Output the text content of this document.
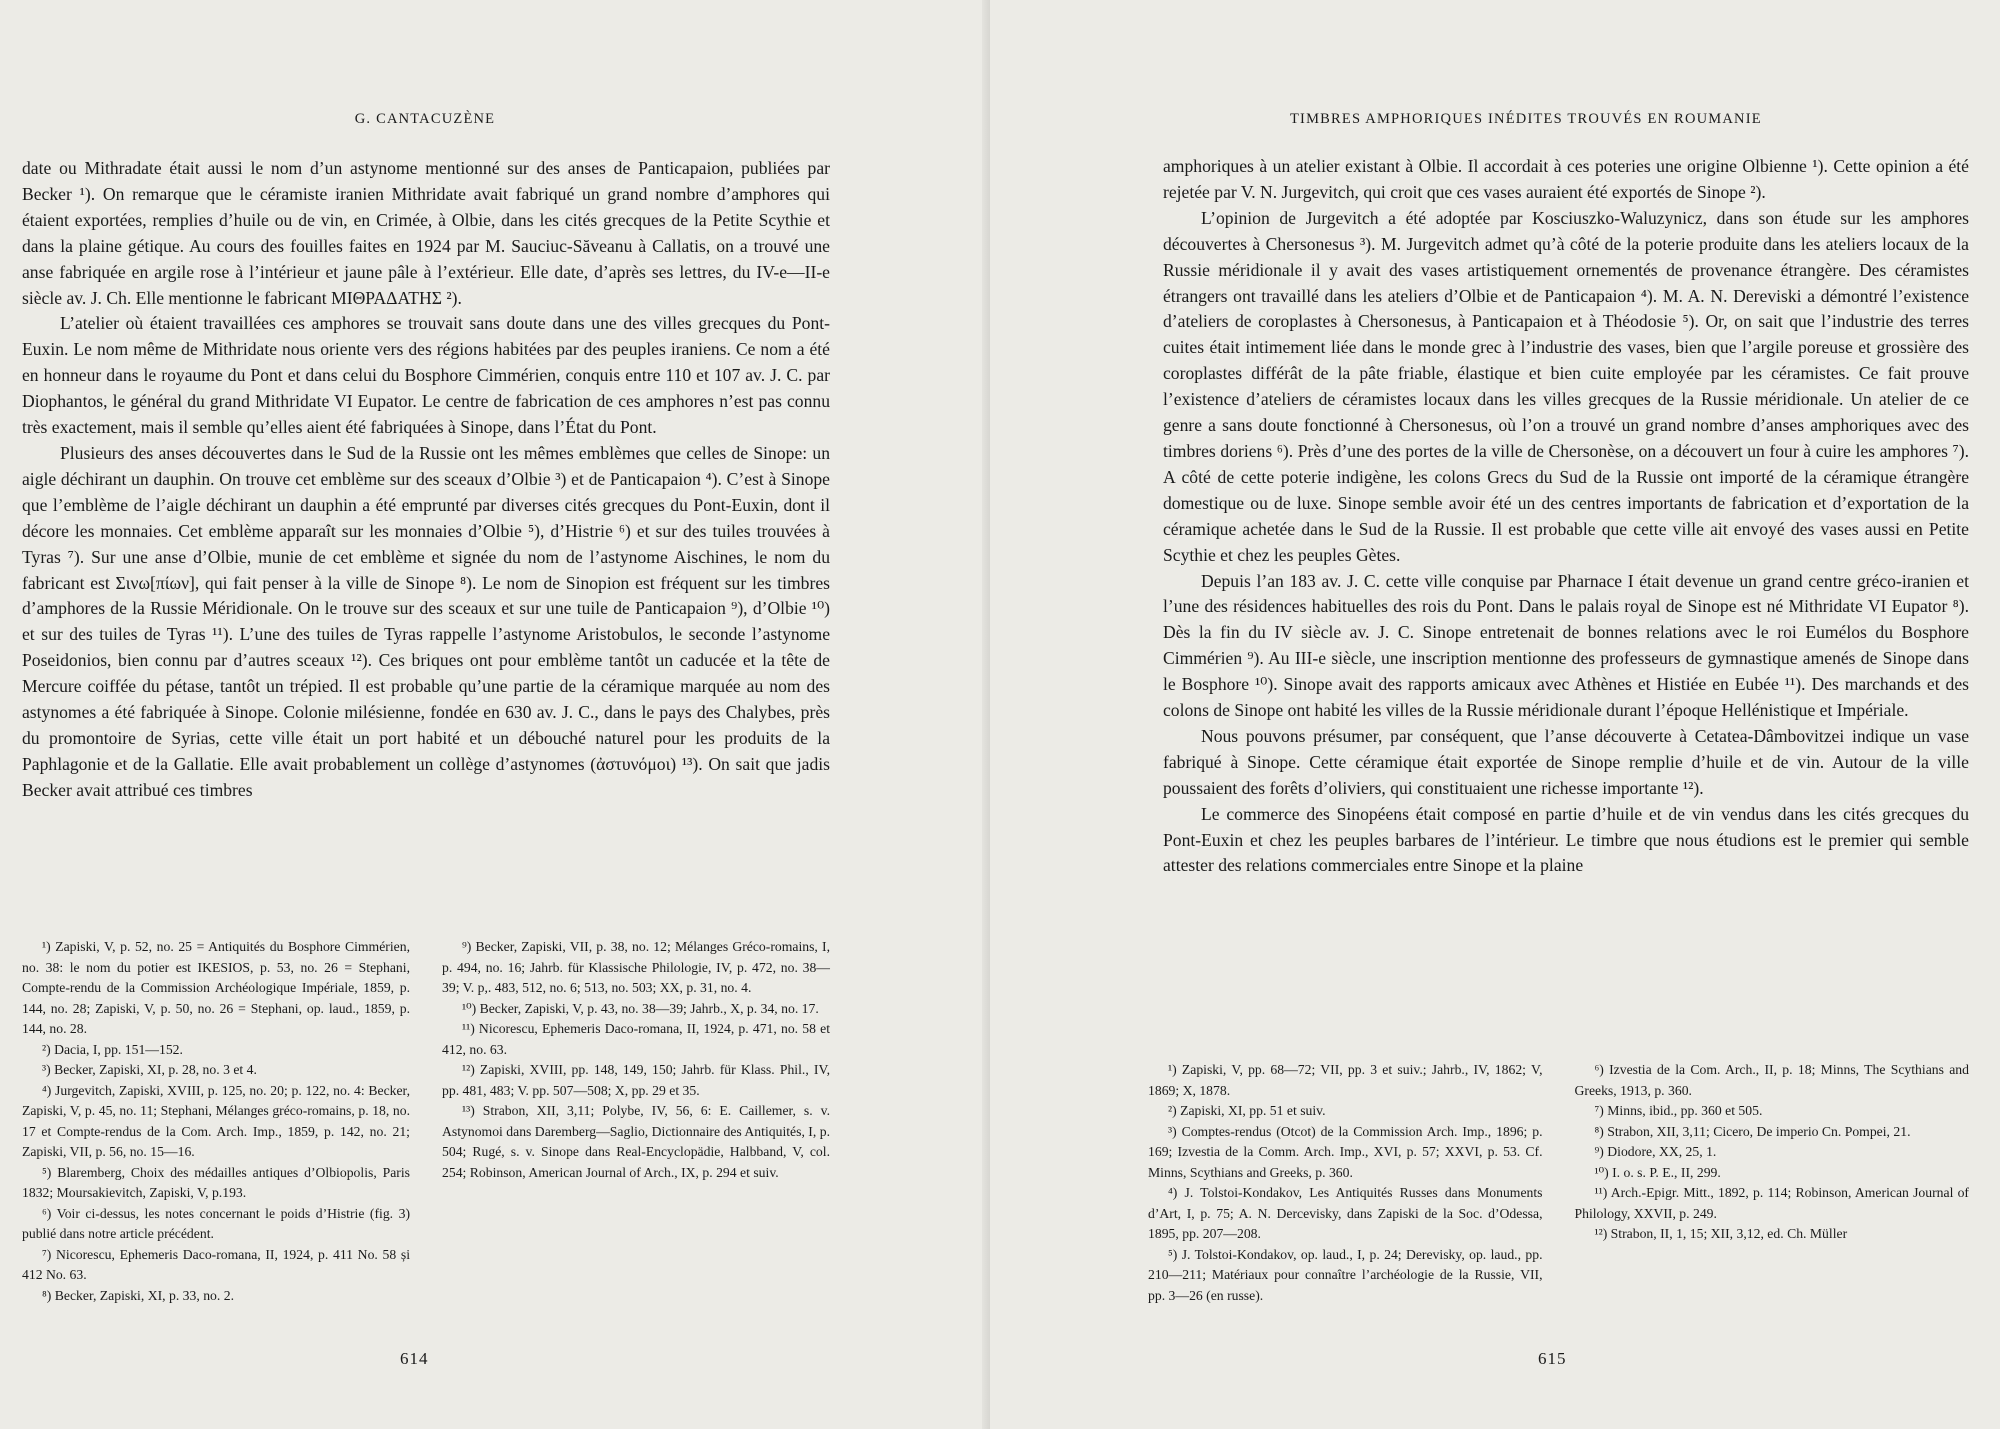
G. CANTACUZÈNE

date ou Mithradate était aussi le nom d’un astynome mentionné sur des anses de Panticapaion, publiées par Becker ¹). On remarque que le céramiste iranien Mithridate avait fabriqué un grand nombre d’amphores qui étaient exportées, remplies d’huile ou de vin, en Crimée, à Olbie, dans les cités grecques de la Petite Scythie et dans la plaine gétique. Au cours des fouilles faites en 1924 par M. Sauciuc-Săveanu à Callatis, on a trouvé une anse fabriquée en argile rose à l’intérieur et jaune pâle à l’extérieur. Elle date, d’après ses lettres, du IV-e—II-e siècle av. J. Ch. Elle mentionne le fabricant ΜΙΘΡΑΔΑΤΗΣ ²).

L’atelier où étaient travaillées ces amphores se trouvait sans doute dans une des villes grecques du Pont-Euxin. Le nom même de Mithridate nous oriente vers des régions habitées par des peuples iraniens. Ce nom a été en honneur dans le royaume du Pont et dans celui du Bosphore Cimmérien, conquis entre 110 et 107 av. J. C. par Diophantos, le général du grand Mithridate VI Eupator. Le centre de fabrication de ces amphores n’est pas connu très exactement, mais il semble qu’elles aient été fabriquées à Sinope, dans l’État du Pont.

Plusieurs des anses découvertes dans le Sud de la Russie ont les mêmes emblèmes que celles de Sinope: un aigle déchirant un dauphin. On trouve cet emblème sur des sceaux d’Olbie ³) et de Panticapaion ⁴). C’est à Sinope que l’emblème de l’aigle déchirant un dauphin a été emprunté par diverses cités grecques du Pont-Euxin, dont il décore les monnaies. Cet emblème apparaît sur les monnaies d’Olbie ⁵), d’Histrie ⁶) et sur des tuiles trouvées à Tyras ⁷). Sur une anse d’Olbie, munie de cet emblème et signée du nom de l’astynome Aischines, le nom du fabricant est Σινω[πίων], qui fait penser à la ville de Sinope ⁸). Le nom de Sinopion est fréquent sur les timbres d’amphores de la Russie Méridionale. On le trouve sur des sceaux et sur une tuile de Panticapaion ⁹), d’Olbie ¹⁰) et sur des tuiles de Tyras ¹¹). L’une des tuiles de Tyras rappelle l’astynome Aristobulos, le seconde l’astynome Poseidonios, bien connu par d’autres sceaux ¹²). Ces briques ont pour emblème tantôt un caducée et la tête de Mercure coiffée du pétase, tantôt un trépied. Il est probable qu’une partie de la céramique marquée au nom des astynomes a été fabriquée à Sinope. Colonie milésienne, fondée en 630 av. J. C., dans le pays des Chalybes, près du promontoire de Syrias, cette ville était un port habité et un débouché naturel pour les produits de la Paphlagonie et de la Gallatie. Elle avait probablement un collège d’astynomes (ἀστυνόμοι) ¹³). On sait que jadis Becker avait attribué ces timbres

¹) Zapiski, V, p. 52, no. 25 = Antiquités du Bosphore Cimmérien, no. 38: le nom du potier est IKESIOS, p. 53, no. 26 = Stephani, Compte-rendu de la Commission Archéologique Impériale, 1859, p. 144, no. 28; Zapiski, V, p. 50, no. 26 = Stephani, op. laud., 1859, p. 144, no. 28.

²) Dacia, I, pp. 151—152.

³) Becker, Zapiski, XI, p. 28, no. 3 et 4.

⁴) Jurgevitch, Zapiski, XVIII, p. 125, no. 20; p. 122, no. 4: Becker, Zapiski, V, p. 45, no. 11; Stephani, Mélanges gréco-romains, p. 18, no. 17 et Compte-rendus de la Com. Arch. Imp., 1859, p. 142, no. 21; Zapiski, VII, p. 56, no. 15—16.

⁵) Blaremberg, Choix des médailles antiques d’Olbiopolis, Paris 1832; Moursakievitch, Zapiski, V, p.193.

⁶) Voir ci-dessus, les notes concernant le poids d’Histrie (fig. 3) publié dans notre article précédent.

⁷) Nicorescu, Ephemeris Daco-romana, II, 1924, p. 411 No. 58 și 412 No. 63.

⁸) Becker, Zapiski, XI, p. 33, no. 2.

⁹) Becker, Zapiski, VII, p. 38, no. 12; Mélanges Gréco-romains, I, p. 494, no. 16; Jahrb. für Klassische Philologie, IV, p. 472, no. 38—39; V. p,. 483, 512, no. 6; 513, no. 503; XX, p. 31, no. 4.

¹⁰) Becker, Zapiski, V, p. 43, no. 38—39; Jahrb., X, p. 34, no. 17.

¹¹) Nicorescu, Ephemeris Daco-romana, II, 1924, p. 471, no. 58 et 412, no. 63.

¹²) Zapiski, XVIII, pp. 148, 149, 150; Jahrb. für Klass. Phil., IV, pp. 481, 483; V. pp. 507—508; X, pp. 29 et 35.

¹³) Strabon, XII, 3,11; Polybe, IV, 56, 6: E. Caillemer, s. v. Astynomoi dans Daremberg—Saglio, Dictionnaire des Antiquités, I, p. 504; Rugé, s. v. Sinope dans Real-Encyclopädie, Halbband, V, col. 254; Robinson, American Journal of Arch., IX, p. 294 et suiv.

614
TIMBRES AMPHORIQUES INÉDITES TROUVÉS EN ROUMANIE

amphoriques à un atelier existant à Olbie. Il accordait à ces poteries une origine Olbienne ¹). Cette opinion a été rejetée par V. N. Jurgevitch, qui croit que ces vases auraient été exportés de Sinope ²).

L’opinion de Jurgevitch a été adoptée par Kosciuszko-Waluzynicz, dans son étude sur les amphores découvertes à Chersonesus ³). M. Jurgevitch admet qu’à côté de la poterie produite dans les ateliers locaux de la Russie méridionale il y avait des vases artistiquement ornementés de provenance étrangère. Des céramistes étrangers ont travaillé dans les ateliers d’Olbie et de Panticapaion ⁴). M. A. N. Dereviski a démontré l’existence d’ateliers de coroplastes à Chersonesus, à Panticapaion et à Théodosie ⁵). Or, on sait que l’industrie des terres cuites était intimement liée dans le monde grec à l’industrie des vases, bien que l’argile poreuse et grossière des coroplastes différât de la pâte friable, élastique et bien cuite employée par les céramistes. Ce fait prouve l’existence d’ateliers de céramistes locaux dans les villes grecques de la Russie méridionale. Un atelier de ce genre a sans doute fonctionné à Chersonesus, où l’on a trouvé un grand nombre d’anses amphoriques avec des timbres doriens ⁶). Près d’une des portes de la ville de Chersonèse, on a découvert un four à cuire les amphores ⁷). A côté de cette poterie indigène, les colons Grecs du Sud de la Russie ont importé de la céramique étrangère domestique ou de luxe. Sinope semble avoir été un des centres importants de fabrication et d’exportation de la céramique achetée dans le Sud de la Russie. Il est probable que cette ville ait envoyé des vases aussi en Petite Scythie et chez les peuples Gètes.

Depuis l’an 183 av. J. C. cette ville conquise par Pharnace I était devenue un grand centre gréco-iranien et l’une des résidences habituelles des rois du Pont. Dans le palais royal de Sinope est né Mithridate VI Eupator ⁸). Dès la fin du IV siècle av. J. C. Sinope entretenait de bonnes relations avec le roi Eumélos du Bosphore Cimmérien ⁹). Au III-e siècle, une inscription mentionne des professeurs de gymnastique amenés de Sinope dans le Bosphore ¹⁰). Sinope avait des rapports amicaux avec Athènes et Histiée en Eubée ¹¹). Des marchands et des colons de Sinope ont habité les villes de la Russie méridionale durant l’époque Hellénistique et Impériale.

Nous pouvons présumer, par conséquent, que l’anse découverte à Cetatea-Dâmbovitzei indique un vase fabriqué à Sinope. Cette céramique était exportée de Sinope remplie d’huile et de vin. Autour de la ville poussaient des forêts d’oliviers, qui constituaient une richesse importante ¹²).

Le commerce des Sinopéens était composé en partie d’huile et de vin vendus dans les cités grecques du Pont-Euxin et chez les peuples barbares de l’intérieur. Le timbre que nous étudions est le premier qui semble attester des relations commerciales entre Sinope et la plaine

¹) Zapiski, V, pp. 68—72; VII, pp. 3 et suiv.; Jahrb., IV, 1862; V, 1869; X, 1878.

²) Zapiski, XI, pp. 51 et suiv.

³) Comptes-rendus (Otcot) de la Commission Arch. Imp., 1896; p. 169; Izvestia de la Comm. Arch. Imp., XVI, p. 57; XXVI, p. 53. Cf. Minns, Scythians and Greeks, p. 360.

⁴) J. Tolstoi-Kondakov, Les Antiquités Russes dans Monuments d’Art, I, p. 75; A. N. Dercevisky, dans Zapiski de la Soc. d’Odessa, 1895, pp. 207—208.

⁵) J. Tolstoi-Kondakov, op. laud., I, p. 24; Derevisky, op. laud., pp. 210—211; Matériaux pour connaître l’archéologie de la Russie, VII, pp. 3—26 (en russe).

⁶) Izvestia de la Com. Arch., II, p. 18; Minns, The Scythians and Greeks, 1913, p. 360.

⁷) Minns, ibid., pp. 360 et 505.

⁸) Strabon, XII, 3,11; Cicero, De imperio Cn. Pompei, 21.

⁹) Diodore, XX, 25, 1.

¹⁰) I. o. s. P. E., II, 299.

¹¹) Arch.-Epigr. Mitt., 1892, p. 114; Robinson, American Journal of Philology, XXVII, p. 249.

¹²) Strabon, II, 1, 15; XII, 3,12, ed. Ch. Müller

615
